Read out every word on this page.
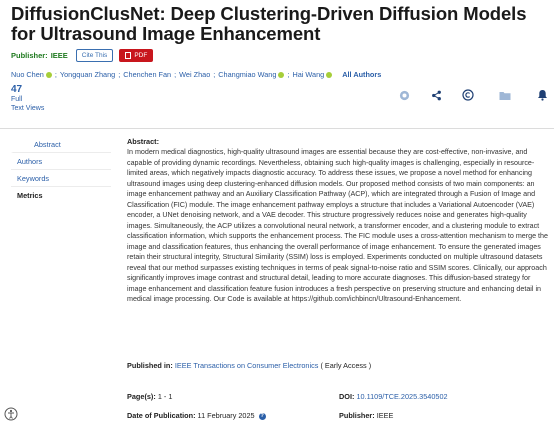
DiffusionClusNet: Deep Clustering-Driven Diffusion Models for Ultrasound Image Enhancement
Publisher: IEEE	Cite This	PDF
Nuo Chen ; Yongquan Zhang ; Chenchen Fan ; Wei Zhao ; Changmiao Wang ; Hai Wang All Authors
47
Full
Text Views
Abstract
Authors
Keywords
Metrics
Abstract:
In modern medical diagnostics, high-quality ultrasound images are essential because they are cost-effective, non-invasive, and capable of providing dynamic recordings. Nevertheless, obtaining such high-quality images is challenging, especially in resource-limited areas, which negatively impacts diagnostic accuracy. To address these issues, we propose a novel method for enhancing ultrasound images using deep clustering-enhanced diffusion models. Our proposed method consists of two main components: an image enhancement pathway and an Auxiliary Classification Pathway (ACP), which are integrated through a Fusion of Image and Classification (FIC) module. The image enhancement pathway employs a structure that includes a Variational Autoencoder (VAE) encoder, a UNet denoising network, and a VAE decoder. This structure progressively reduces noise and generates high-quality images. Simultaneously, the ACP utilizes a convolutional neural network, a transformer encoder, and a clustering module to extract classification information, which supports the enhancement process. The FIC module uses a cross-attention mechanism to merge the image and classification features, thus enhancing the overall performance of image enhancement. To ensure the generated images retain their structural integrity, Structural Similarity (SSIM) loss is employed. Experiments conducted on multiple ultrasound datasets reveal that our method surpasses existing techniques in terms of peak signal-to-noise ratio and SSIM scores. Clinically, our approach significantly improves image contrast and structural detail, leading to more accurate diagnoses. This diffusion-based strategy for image enhancement and classification feature fusion introduces a fresh perspective on preserving structure and enhancing detail in medical image processing. Our Code is available at https://github.com/ichbincn/Ultrasound-Enhancement.
Published in: IEEE Transactions on Consumer Electronics ( Early Access )
Page(s): 1 - 1	DOI: 10.1109/TCE.2025.3540502
Date of Publication: 11 February 2025 ?	Publisher: IEEE
